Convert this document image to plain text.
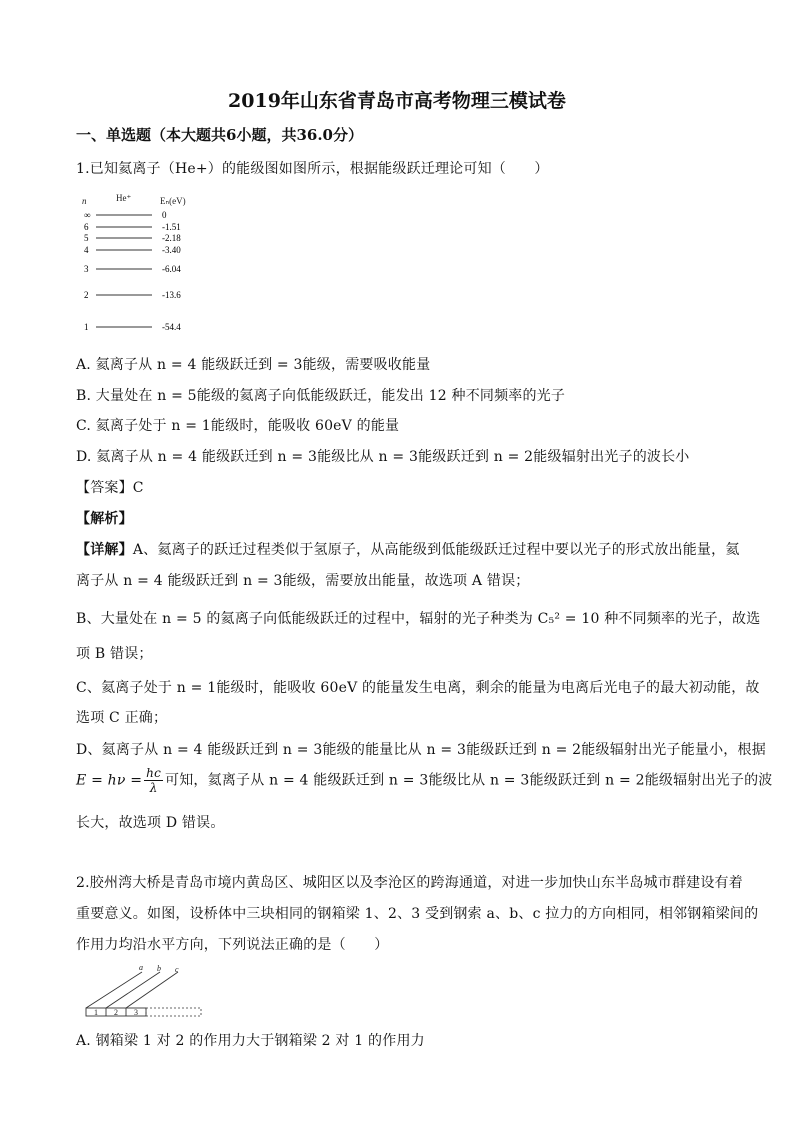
2019年山东省青岛市高考物理三模试卷
一、单选题（本大题共6小题，共36.0分）
1.已知氦离子（He+）的能级图如图所示，根据能级跃迁理论可知（　　）
n	He⁺	Eₙ(eV)
∞	0
6	-1.51
5	-2.18
4	-3.40
3	-6.04
2	-13.6
1	-54.4
A. 氦离子从 n = 4 能级跃迁到 = 3能级，需要吸收能量
B. 大量处在 n = 5能级的氦离子向低能级跃迁，能发出 12 种不同频率的光子
C. 氦离子处于 n = 1能级时，能吸收 60eV 的能量
D. 氦离子从 n = 4 能级跃迁到 n = 3能级比从 n = 3能级跃迁到 n = 2能级辐射出光子的波长小
【答案】C
【解析】
【详解】A、氦离子的跃迁过程类似于氢原子，从高能级到低能级跃迁过程中要以光子的形式放出能量，氦
离子从 n = 4 能级跃迁到 n = 3能级，需要放出能量，故选项 A 错误；
B、大量处在 n = 5 的氦离子向低能级跃迁的过程中，辐射的光子种类为 C₅² = 10 种不同频率的光子，故选
项 B 错误；
C、氦离子处于 n = 1能级时，能吸收 60eV 的能量发生电离，剩余的能量为电离后光电子的最大初动能，故
选项 C 正确；
D、氦离子从 n = 4 能级跃迁到 n = 3能级的能量比从 n = 3能级跃迁到 n = 2能级辐射出光子能量小，根据
$E = h\nu = \frac{hc}{\lambda}$ 可知，氦离子从 n = 4 能级跃迁到 n = 3能级比从 n = 3能级跃迁到 n = 2能级辐射出光子的波
长大，故选项 D 错误。
2.胶州湾大桥是青岛市境内黄岛区、城阳区以及李沧区的跨海通道，对进一步加快山东半岛城市群建设有着
重要意义。如图，设桥体中三块相同的钢箱梁 1、2、3 受到钢索 a、b、c 拉力的方向相同，相邻钢箱梁间的
作用力均沿水平方向，下列说法正确的是（　　）
a b c
1 2 3
A. 钢箱梁 1 对 2 的作用力大于钢箱梁 2 对 1 的作用力
